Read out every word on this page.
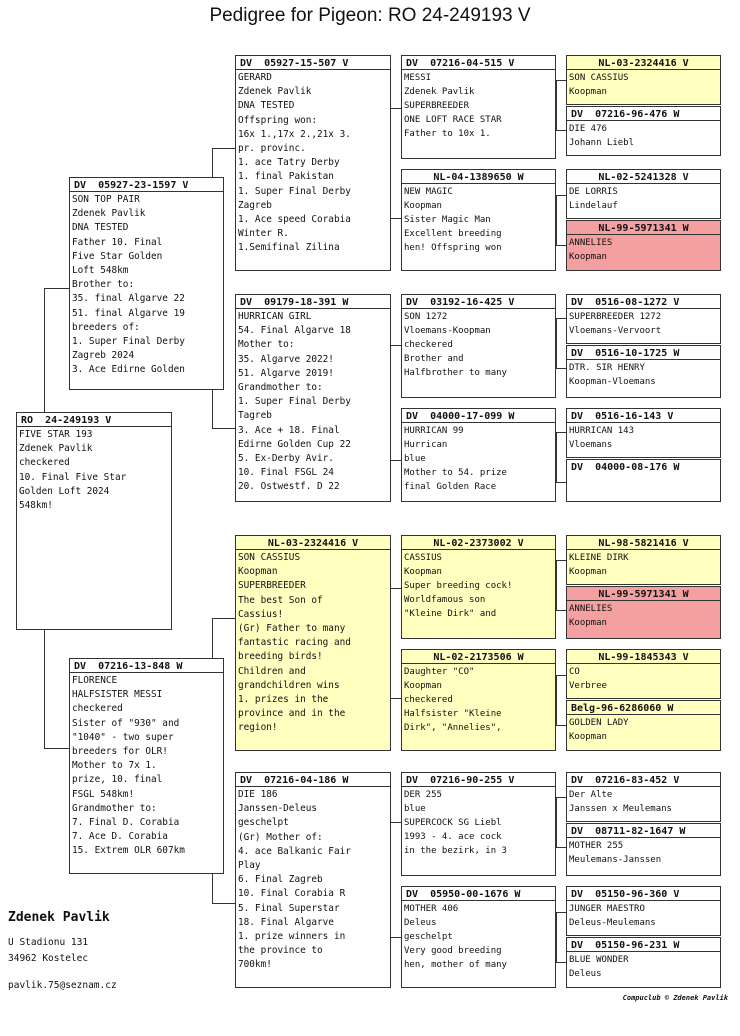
Pedigree for Pigeon: RO 24-249193 V
RO  24-249193 V
FIVE STAR 193
Zdenek Pavlik
checkered
10. Final Five Star
Golden Loft 2024
548km!
DV  05927-23-1597 V
SON TOP PAIR
Zdenek Pavlik
DNA TESTED
Father 10. Final
Five Star Golden
Loft 548km
Brother to:
35. final Algarve 22
51. final Algarve 19
breeders of:
1. Super Final Derby
Zagreb 2024
3. Ace Edirne Golden
DV  07216-13-848 W
FLORENCE
HALFSISTER MESSI
checkered
Sister of "930" and
"1040" - two super
breeders for OLR!
Mother to 7x 1.
prize, 10. final
FSGL 548km!
Grandmother to:
7. Final D. Corabia
7. Ace D. Corabia
15. Extrem OLR 607km
DV  05927-15-507 V
GERARD
Zdenek Pavlik
DNA TESTED
Offspring won:
16x 1.,17x 2.,21x 3.
pr. provinc.
1. ace Tatry Derby
1. final Pakistan
1. Super Final Derby
Zagreb
1. Ace speed Corabia
Winter R.
1.Semifinal Zilina
DV  09179-18-391 W
HURRICAN GIRL
54. Final Algarve 18
Mother to:
35. Algarve 2022!
51. Algarve 2019!
Grandmother to:
1. Super Final Derby
Tagreb
3. Ace + 18. Final
Edirne Golden Cup 22
5. Ex-Derby Avir.
10. Final FSGL 24
20. Ostwestf. D 22
NL-03-2324416 V
SON CASSIUS
Koopman
SUPERBREEDER
The best Son of
Cassius!
(Gr) Father to many
fantastic racing and
breeding birds!
Children and
grandchildren wins
1. prizes in the
province and in the
region!
DV  07216-04-186 W
DIE 186
Janssen-Deleus
geschelpt
(Gr) Mother of:
4. ace Balkanic Fair
Play
6. Final Zagreb
10. Final Corabia R
5. Final Superstar
18. Final Algarve
1. prize winners in
the province to
700km!
DV  07216-04-515 V
MESSI
Zdenek Pavlik
SUPERBREEDER
ONE LOFT RACE STAR
Father to 10x 1.
NL-04-1389650 W
NEW MAGIC
Koopman
Sister Magic Man
Excellent breeding
hen! Offspring won
DV  03192-16-425 V
SON 1272
Vloemans-Koopman
checkered
Brother and
Halfbrother to many
DV  04000-17-099 W
HURRICAN 99
Hurrican
blue
Mother to 54. prize
final Golden Race
NL-02-2373002 V
CASSIUS
Koopman
Super breeding cock!
Worldfamous son
"Kleine Dirk" and
NL-02-2173506 W
Daughter "CO"
Koopman
checkered
Halfsister "Kleine
Dirk", "Annelies",
DV  07216-90-255 V
DER 255
blue
SUPERCOCK SG Liebl
1993 - 4. ace cock
in the bezirk, in 3
DV  05950-00-1676 W
MOTHER 406
Deleus
geschelpt
Very good breeding
hen, mother of many
NL-03-2324416 V
SON CASSIUS
Koopman
DV  07216-96-476 W
DIE 476
Johann Liebl
NL-02-5241328 V
DE LORRIS
Lindelauf
NL-99-5971341 W
ANNELIES
Koopman
DV  0516-08-1272 V
SUPERBREEDER 1272
Vloemans-Vervoort
DV  0516-10-1725 W
DTR. SIR HENRY
Koopman-Vloemans
DV  0516-16-143 V
HURRICAN 143
Vloemans
DV  04000-08-176 W
NL-98-5821416 V
KLEINE DIRK
Koopman
NL-99-5971341 W
ANNELIES
Koopman
NL-99-1845343 V
CO
Verbree
Belg-96-6286060 W
GOLDEN LADY
Koopman
DV  07216-83-452 V
Der Alte
Janssen x Meulemans
DV  08711-82-1647 W
MOTHER 255
Meulemans-Janssen
DV  05150-96-360 V
JUNGER MAESTRO
Deleus-Meulemans
DV  05150-96-231 W
BLUE WONDER
Deleus
Zdenek Pavlik
U Stadionu 131
34962 Kostelec
pavlik.75@seznam.cz
Compuclub © Zdenek Pavlik
